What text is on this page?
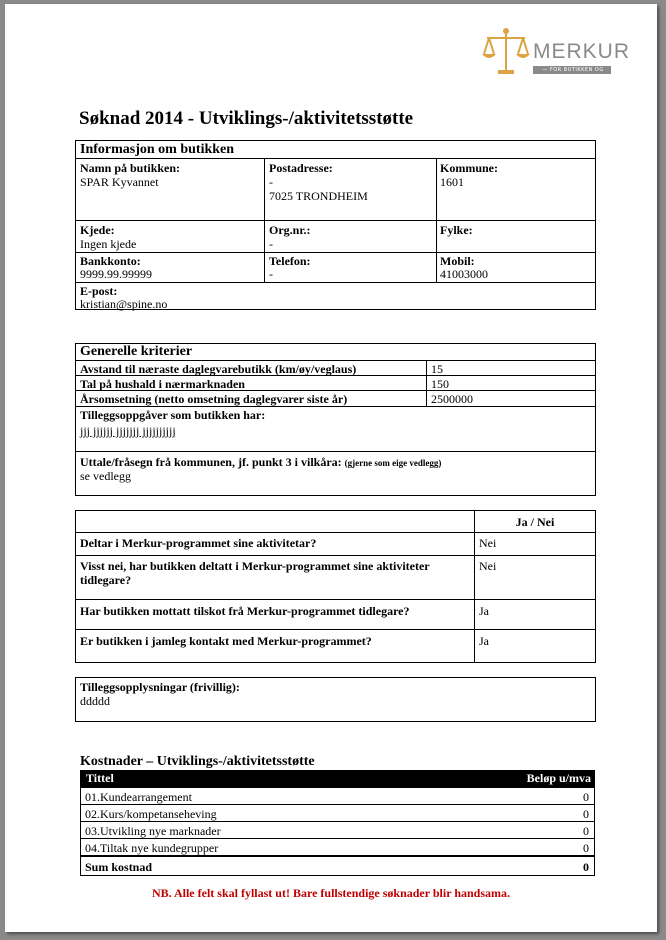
MERKUR
— FOR BUTIKKEN OG BYGDA
Søknad 2014 - Utviklings-/aktivitetsstøtte
Informasjon om butikken
Namn på butikken:
SPAR Kyvannet
Postadresse:
-
7025 TRONDHEIM
Kommune:
1601
Kjede:
Ingen kjede
Org.nr.:
-
Fylke:
Bankkonto:
9999.99.99999
Telefon:
-
Mobil:
41003000
E-post:
kristian@spine.no
Generelle kriterier
Avstand til næraste daglegvarebutikk (km/øy/veglaus)	15
Tal på hushald i nærmarknaden	150
Årsomsetning (netto omsetning daglegvarer siste år)	2500000
Tilleggsoppgåver som butikken har:
jjj jjjjjj jjjjjjj jjjjjjjjjj
Uttale/fråsegn frå kommunen, jf. punkt 3 i vilkåra: (gjerne som eige vedlegg)
se vedlegg
Ja / Nei
Deltar i Merkur-programmet sine aktivitetar?	Nei
Visst nei, har butikken deltatt i Merkur-programmet sine aktiviteter
tidlegare?
Nei
Har butikken mottatt tilskot frå Merkur-programmet tidlegare?	Ja
Er butikken i jamleg kontakt med Merkur-programmet?	Ja
Tilleggsopplysningar (frivillig):
ddddd
Kostnader – Utviklings-/aktivitetsstøtte
Tittel	Beløp u/mva
01.Kundearrangement	0
02.Kurs/kompetanseheving	0
03.Utvikling nye marknader	0
04.Tiltak nye kundegrupper	0
Sum kostnad	0
NB. Alle felt skal fyllast ut! Bare fullstendige søknader blir handsama.
